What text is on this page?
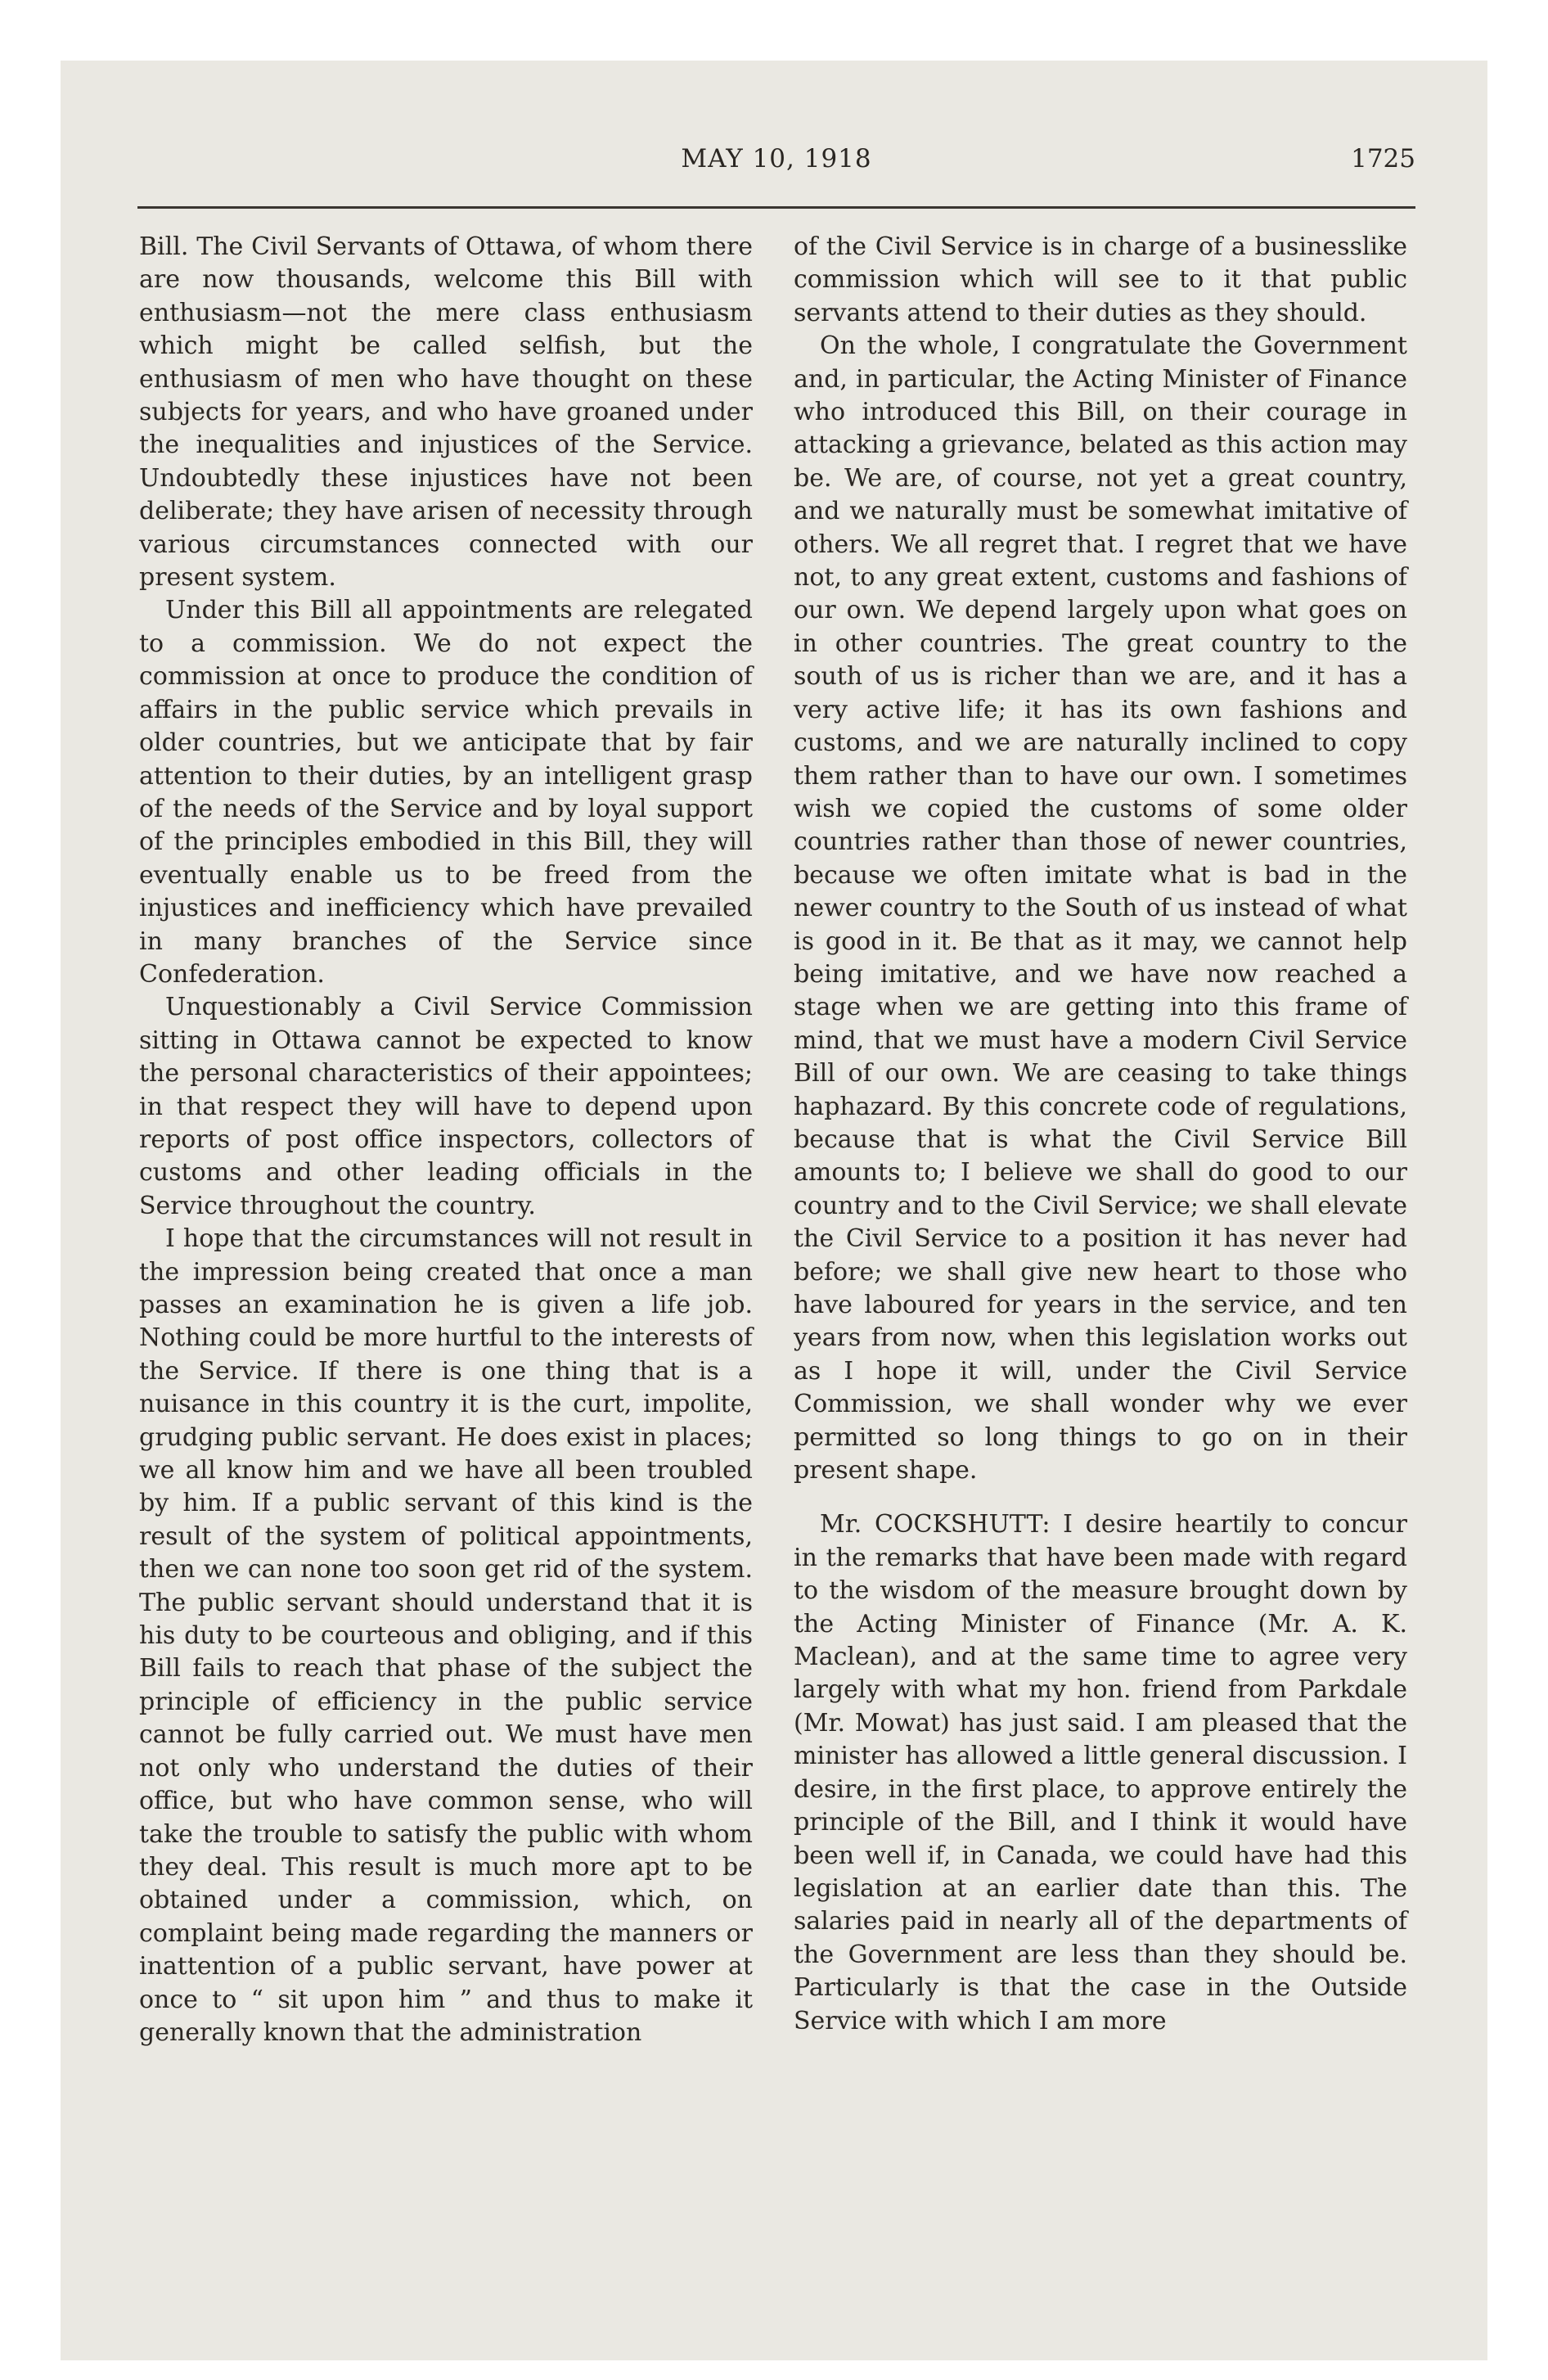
MAY 10, 1918	1725

Bill. The Civil Servants of Ottawa, of whom there are now thousands, welcome this Bill with enthusiasm—not the mere class enthusiasm which might be called selfish, but the enthusiasm of men who have thought on these subjects for years, and who have groaned under the inequalities and injustices of the Service. Undoubtedly these injustices have not been deliberate; they have arisen of necessity through various circumstances connected with our present system.

Under this Bill all appointments are relegated to a commission. We do not expect the commission at once to produce the condition of affairs in the public service which prevails in older countries, but we anticipate that by fair attention to their duties, by an intelligent grasp of the needs of the Service and by loyal support of the principles embodied in this Bill, they will eventually enable us to be freed from the injustices and inefficiency which have prevailed in many branches of the Service since Confederation.

Unquestionably a Civil Service Commission sitting in Ottawa cannot be expected to know the personal characteristics of their appointees; in that respect they will have to depend upon reports of post office inspectors, collectors of customs and other leading officials in the Service throughout the country.

I hope that the circumstances will not result in the impression being created that once a man passes an examination he is given a life job. Nothing could be more hurtful to the interests of the Service. If there is one thing that is a nuisance in this country it is the curt, impolite, grudging public servant. He does exist in places; we all know him and we have all been troubled by him. If a public servant of this kind is the result of the system of political appointments, then we can none too soon get rid of the system. The public servant should understand that it is his duty to be courteous and obliging, and if this Bill fails to reach that phase of the subject the principle of efficiency in the public service cannot be fully carried out. We must have men not only who understand the duties of their office, but who have common sense, who will take the trouble to satisfy the public with whom they deal. This result is much more apt to be obtained under a commission, which, on complaint being made regarding the manners or inattention of a public servant, have power at once to “ sit upon him ” and thus to make it generally known that the administration

of the Civil Service is in charge of a businesslike commission which will see to it that public servants attend to their duties as they should.

On the whole, I congratulate the Government and, in particular, the Acting Minister of Finance who introduced this Bill, on their courage in attacking a grievance, belated as this action may be. We are, of course, not yet a great country, and we naturally must be somewhat imitative of others. We all regret that. I regret that we have not, to any great extent, customs and fashions of our own. We depend largely upon what goes on in other countries. The great country to the south of us is richer than we are, and it has a very active life; it has its own fashions and customs, and we are naturally inclined to copy them rather than to have our own. I sometimes wish we copied the customs of some older countries rather than those of newer countries, because we often imitate what is bad in the newer country to the South of us instead of what is good in it. Be that as it may, we cannot help being imitative, and we have now reached a stage when we are getting into this frame of mind, that we must have a modern Civil Service Bill of our own. We are ceasing to take things haphazard. By this concrete code of regulations, because that is what the Civil Service Bill amounts to; I believe we shall do good to our country and to the Civil Service; we shall elevate the Civil Service to a position it has never had before; we shall give new heart to those who have laboured for years in the service, and ten years from now, when this legislation works out as I hope it will, under the Civil Service Commission, we shall wonder why we ever permitted so long things to go on in their present shape.

Mr. COCKSHUTT: I desire heartily to concur in the remarks that have been made with regard to the wisdom of the measure brought down by the Acting Minister of Finance (Mr. A. K. Maclean), and at the same time to agree very largely with what my hon. friend from Parkdale (Mr. Mowat) has just said. I am pleased that the minister has allowed a little general discussion. I desire, in the first place, to approve entirely the principle of the Bill, and I think it would have been well if, in Canada, we could have had this legislation at an earlier date than this. The salaries paid in nearly all of the departments of the Government are less than they should be. Particularly is that the case in the Outside Service with which I am more
